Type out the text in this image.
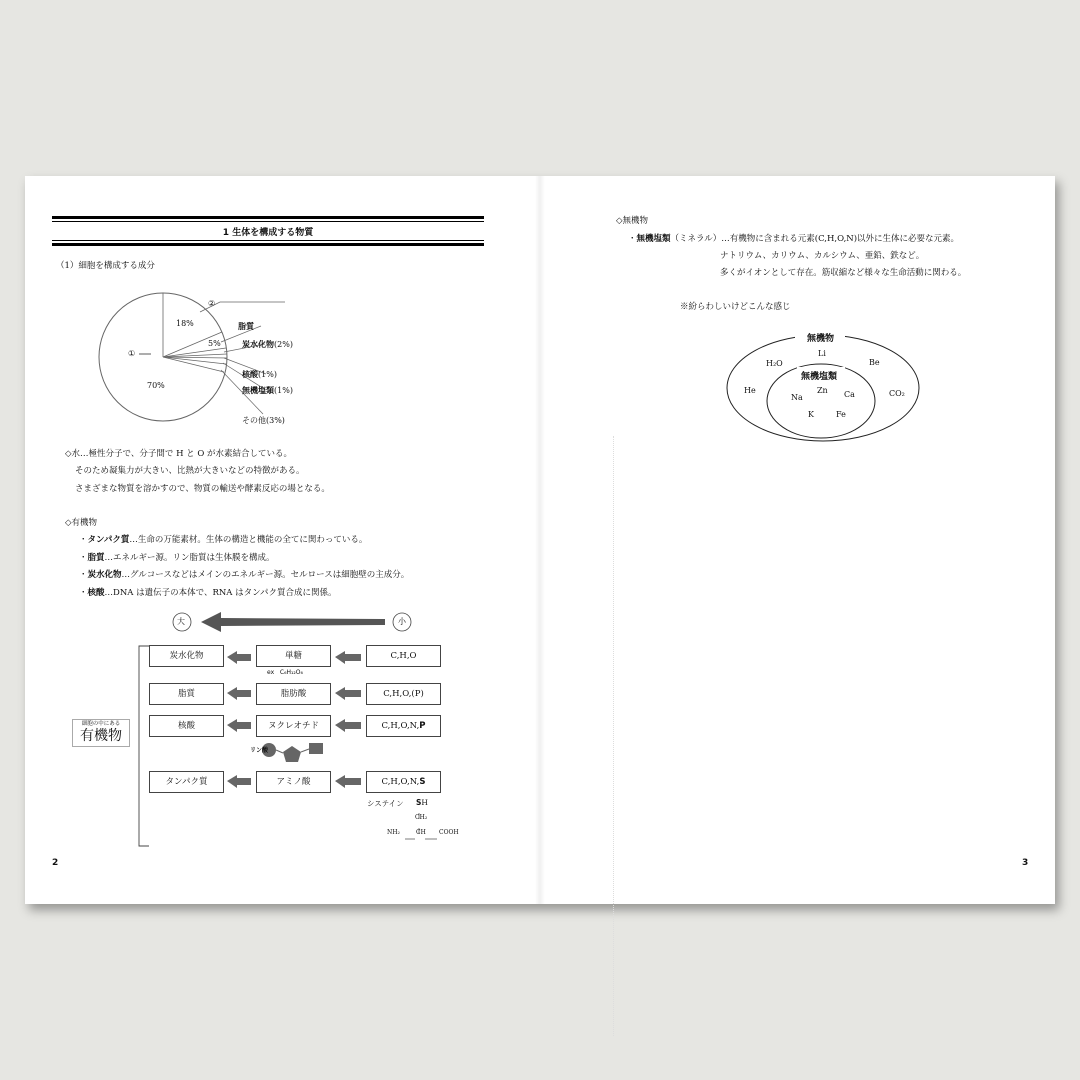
1 生体を構成する物質
（1）細胞を構成する成分
②
①
18%
5%
70%
脂質
炭水化物(2%)
核酸(1%)
無機塩類(1%)
その他(3%)
◇水…極性分子で、分子間で H と O が水素結合している。
そのため凝集力が大きい、比熱が大きいなどの特徴がある。
さまざまな物質を溶かすので、物質の輸送や酵素反応の場となる。
◇有機物
・タンパク質…生命の万能素材。生体の構造と機能の全てに関わっている。
・脂質…エネルギー源。リン脂質は生体膜を構成。
・炭水化物…グルコースなどはメインのエネルギー源。セルロースは細胞壁の主成分。
・核酸…DNA は遺伝子の本体で、RNA はタンパク質合成に関係。
大	小
炭水化物	単糖	C,H,O
ex C₆H₁₂O₆
脂質	脂肪酸	C,H,O,(P)
核酸	ヌクレオチド	C,H,O,N,P
リン酸
タンパク質	アミノ酸	C,H,O,N,S
細胞の中にある
有機物
システイン SH
CH₂
NH₂	CH COOH
2
◇無機物
・無機塩類（ミネラル）…有機物に含まれる元素(C,H,O,N)以外に生体に必要な元素。
ナトリウム、カリウム、カルシウム、亜鉛、鉄など。
多くがイオンとして存在。筋収縮など様々な生命活動に関わる。
※紛らわしいけどこんな感じ
無機物
無機塩類
Li
H₂O	Be
He	CO₂
Zn
Na	Ca
K	Fe
3
